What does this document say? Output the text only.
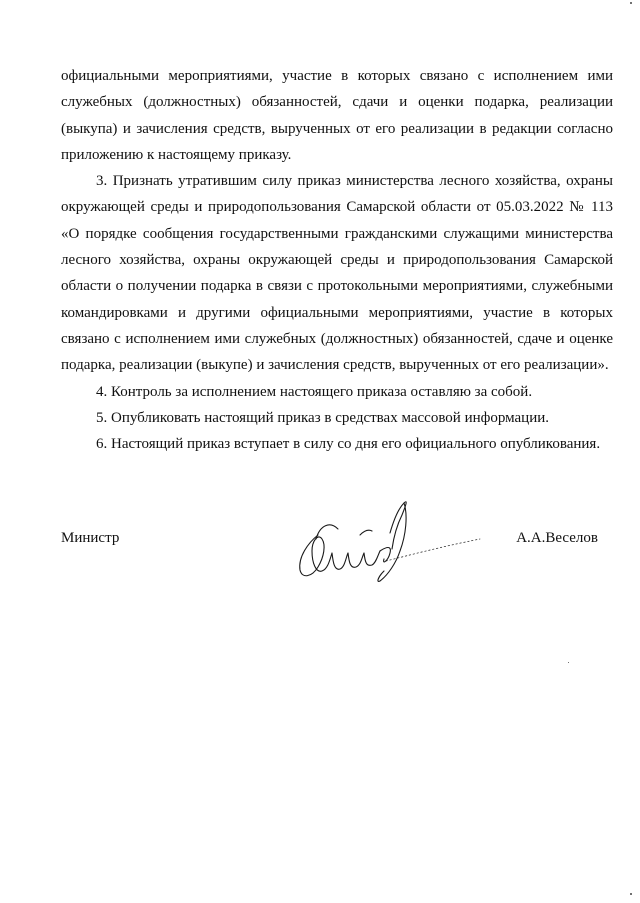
официальными мероприятиями, участие в которых связано с исполнением ими служебных (должностных) обязанностей, сдачи и оценки подарка, реализации (выкупа) и зачисления средств, вырученных от его реализации в редакции согласно приложению к настоящему приказу.

3. Признать утратившим силу приказ министерства лесного хозяйства, охраны окружающей среды и природопользования Самарской области от 05.03.2022 № 113 «О порядке сообщения государственными гражданскими служащими министерства лесного хозяйства, охраны окружающей среды и природопользования Самарской области о получении подарка в связи с протокольными мероприятиями, служебными командировками и другими официальными мероприятиями, участие в которых связано с исполнением ими служебных (должностных) обязанностей, сдаче и оценке подарка, реализации (выкупе) и зачисления средств, вырученных от его реализации».

4. Контроль за исполнением настоящего приказа оставляю за собой.

5. Опубликовать настоящий приказ в средствах массовой информации.

6. Настоящий приказ вступает в силу со дня его официального опубликования.

Министр	А.А.Веселов
